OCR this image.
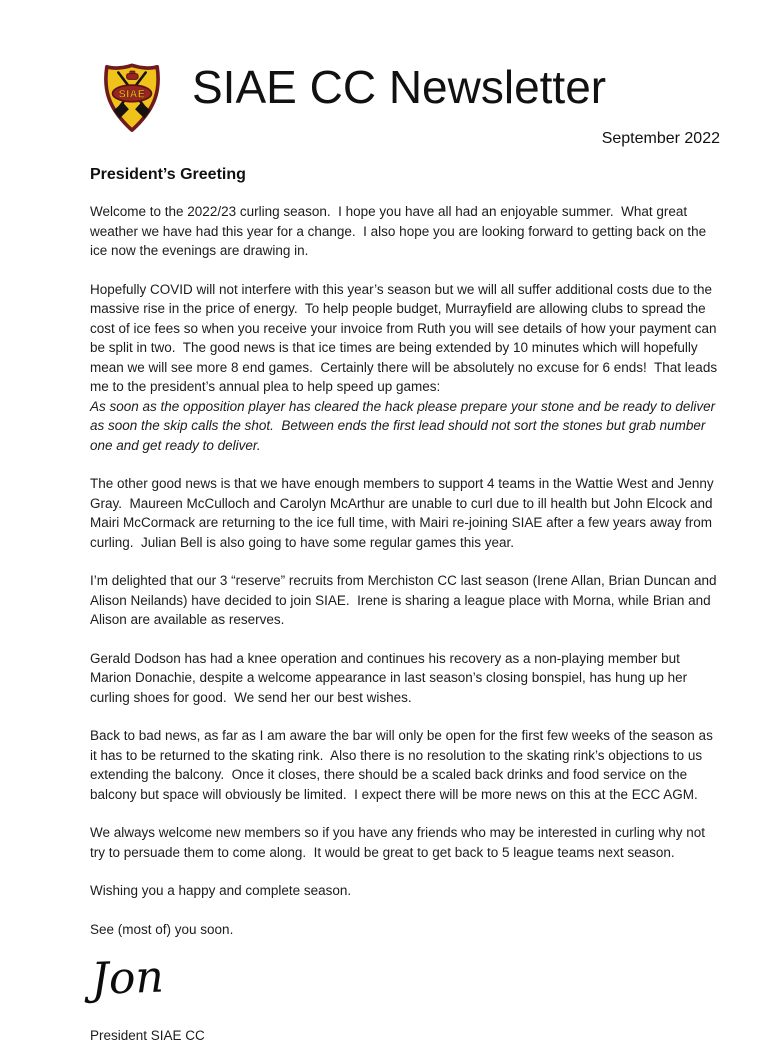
SIAE SIAE CC Newsletter
September 2022
President’s Greeting
Welcome to the 2022/23 curling season.  I hope you have all had an enjoyable summer.  What great weather we have had this year for a change.  I also hope you are looking forward to getting back on the ice now the evenings are drawing in.
Hopefully COVID will not interfere with this year’s season but we will all suffer additional costs due to the massive rise in the price of energy.  To help people budget, Murrayfield are allowing clubs to spread the cost of ice fees so when you receive your invoice from Ruth you will see details of how your payment can be split in two.  The good news is that ice times are being extended by 10 minutes which will hopefully mean we will see more 8 end games.  Certainly there will be absolutely no excuse for 6 ends!  That leads me to the president’s annual plea to help speed up games:
As soon as the opposition player has cleared the hack please prepare your stone and be ready to deliver as soon the skip calls the shot.  Between ends the first lead should not sort the stones but grab number one and get ready to deliver.
The other good news is that we have enough members to support 4 teams in the Wattie West and Jenny Gray.  Maureen McCulloch and Carolyn McArthur are unable to curl due to ill health but John Elcock and Mairi McCormack are returning to the ice full time, with Mairi re-joining SIAE after a few years away from curling.  Julian Bell is also going to have some regular games this year.
I’m delighted that our 3 “reserve” recruits from Merchiston CC last season (Irene Allan, Brian Duncan and Alison Neilands) have decided to join SIAE.  Irene is sharing a league place with Morna, while Brian and Alison are available as reserves.
Gerald Dodson has had a knee operation and continues his recovery as a non-playing member but Marion Donachie, despite a welcome appearance in last season’s closing bonspiel, has hung up her curling shoes for good.  We send her our best wishes.
Back to bad news, as far as I am aware the bar will only be open for the first few weeks of the season as it has to be returned to the skating rink.  Also there is no resolution to the skating rink’s objections to us extending the balcony.  Once it closes, there should be a scaled back drinks and food service on the balcony but space will obviously be limited.  I expect there will be more news on this at the ECC AGM.
We always welcome new members so if you have any friends who may be interested in curling why not try to persuade them to come along.  It would be great to get back to 5 league teams next season.
Wishing you a happy and complete season.
See (most of) you soon.
Jon
President SIAE CC
